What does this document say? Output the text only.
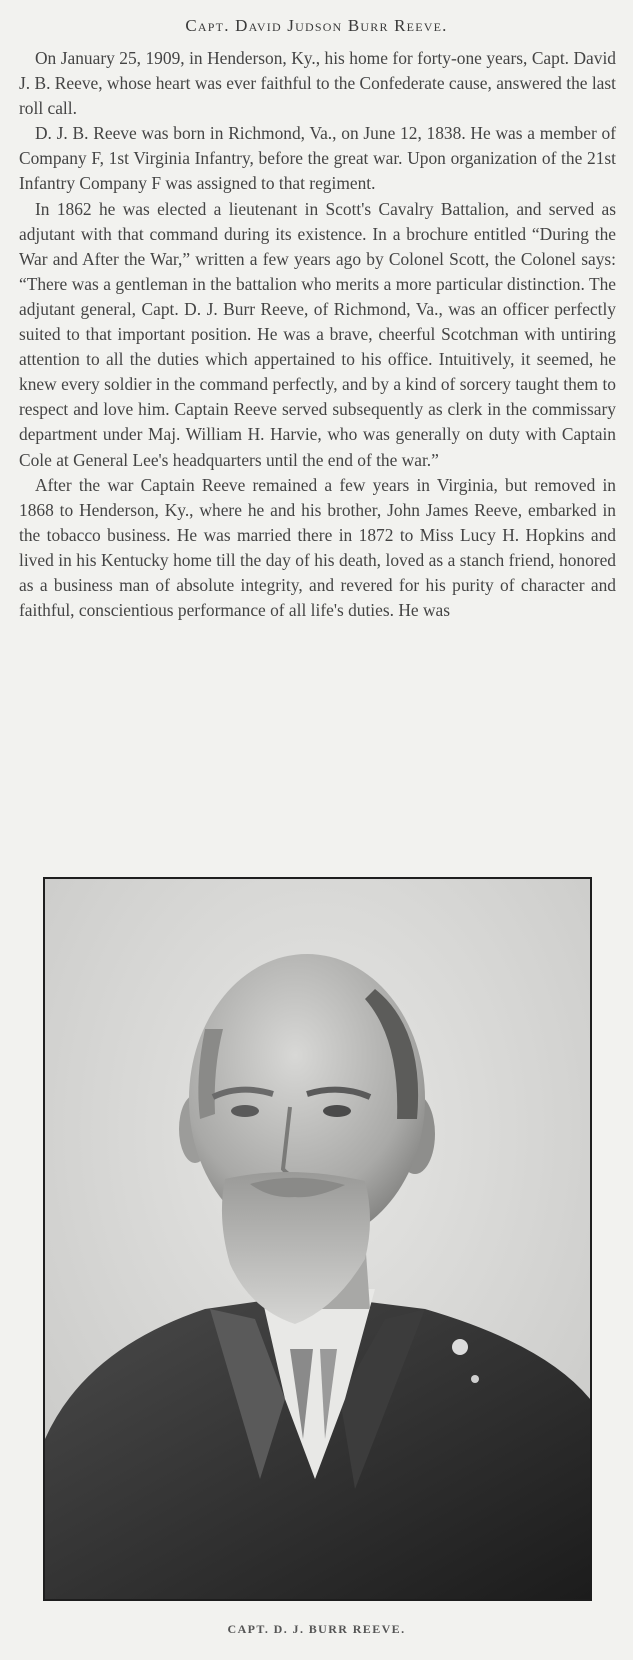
Capt. David Judson Burr Reeve.

On January 25, 1909, in Henderson, Ky., his home for forty-one years, Capt. David J. B. Reeve, whose heart was ever faithful to the Confederate cause, answered the last roll call.

D. J. B. Reeve was born in Richmond, Va., on June 12, 1838. He was a member of Company F, 1st Virginia Infantry, before the great war. Upon organization of the 21st Infantry Company F was assigned to that regiment.

In 1862 he was elected a lieutenant in Scott's Cavalry Battalion, and served as adjutant with that command during its existence. In a brochure entitled “During the War and After the War,” written a few years ago by Colonel Scott, the Colonel says: “There was a gentleman in the battalion who merits a more particular distinction. The adjutant general, Capt. D. J. Burr Reeve, of Richmond, Va., was an officer perfectly suited to that important position. He was a brave, cheerful Scotchman with untiring attention to all the duties which appertained to his office. Intuitively, it seemed, he knew every soldier in the command perfectly, and by a kind of sorcery taught them to respect and love him. Captain Reeve served subsequently as clerk in the commissary department under Maj. William H. Harvie, who was generally on duty with Captain Cole at General Lee's headquarters until the end of the war.”

After the war Captain Reeve remained a few years in Virginia, but removed in 1868 to Henderson, Ky., where he and his brother, John James Reeve, embarked in the tobacco business. He was married there in 1872 to Miss Lucy H. Hopkins and lived in his Kentucky home till the day of his death, loved as a stanch friend, honored as a business man of absolute integrity, and revered for his purity of character and faithful, conscientious performance of all life's duties. He was

CAPT. D. J. BURR REEVE.
